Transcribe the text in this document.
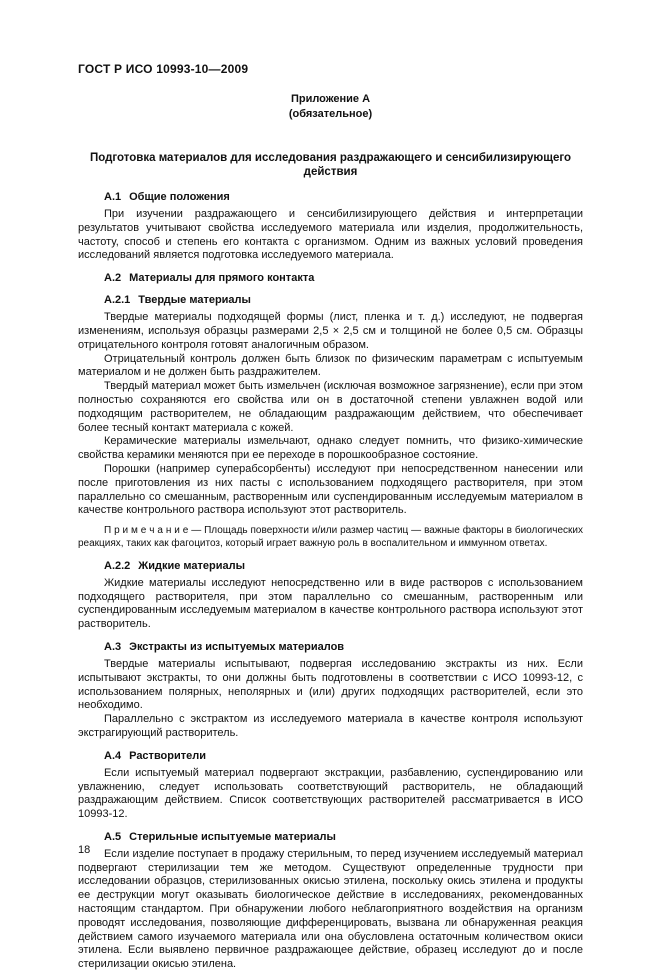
ГОСТ Р ИСО 10993-10—2009
Приложение А
(обязательное)
Подготовка материалов для исследования раздражающего и сенсибилизирующего действия
А.1 Общие положения

При изучении раздражающего и сенсибилизирующего действия и интерпретации результатов учитывают свойства исследуемого материала или изделия, продолжительность, частоту, способ и степень его контакта с организмом. Одним из важных условий проведения исследований является подготовка исследуемого материала.

А.2 Материалы для прямого контакта
А.2.1 Твердые материалы

Твердые материалы подходящей формы (лист, пленка и т. д.) исследуют, не подвергая изменениям, используя образцы размерами 2,5 × 2,5 см и толщиной не более 0,5 см. Образцы отрицательного контроля готовят аналогичным образом.

Отрицательный контроль должен быть близок по физическим параметрам с испытуемым материалом и не должен быть раздражителем.

Твердый материал может быть измельчен (исключая возможное загрязнение), если при этом полностью сохраняются его свойства или он в достаточной степени увлажнен водой или подходящим растворителем, не обладающим раздражающим действием, что обеспечивает более тесный контакт материала с кожей.

Керамические материалы измельчают, однако следует помнить, что физико-химические свойства керамики меняются при ее переходе в порошкообразное состояние.

Порошки (например суперабсорбенты) исследуют при непосредственном нанесении или после приготовления из них пасты с использованием подходящего растворителя, при этом параллельно со смешанным, растворенным или суспендированным исследуемым материалом в качестве контрольного раствора используют этот растворитель.

П р и м е ч а н и е — Площадь поверхности и/или размер частиц — важные факторы в биологических реакциях, таких как фагоцитоз, который играет важную роль в воспалительном и иммунном ответах.

А.2.2 Жидкие материалы

Жидкие материалы исследуют непосредственно или в виде растворов с использованием подходящего растворителя, при этом параллельно со смешанным, растворенным или суспендированным исследуемым материалом в качестве контрольного раствора используют этот растворитель.

А.3 Экстракты из испытуемых материалов

Твердые материалы испытывают, подвергая исследованию экстракты из них. Если испытывают экстракты, то они должны быть подготовлены в соответствии с ИСО 10993-12, с использованием полярных, неполярных и (или) других подходящих растворителей, если это необходимо.

Параллельно с экстрактом из исследуемого материала в качестве контроля используют экстрагирующий растворитель.

А.4 Растворители

Если испытуемый материал подвергают экстракции, разбавлению, суспендированию или увлажнению, следует использовать соответствующий растворитель, не обладающий раздражающим действием. Список соответствующих растворителей рассматривается в ИСО 10993-12.

А.5 Стерильные испытуемые материалы

Если изделие поступает в продажу стерильным, то перед изучением исследуемый материал подвергают стерилизации тем же методом. Существуют определенные трудности при исследовании образцов, стерилизованных окисью этилена, поскольку окись этилена и продукты ее деструкции могут оказывать биологическое действие в исследованиях, рекомендованных настоящим стандартом. При обнаружении любого неблагоприятного воздействия на организм проводят исследования, позволяющие дифференцировать, вызвана ли обнаруженная реакция действием самого изучаемого материала или она обусловлена остаточным количеством окиси этилена. Если выявлено первичное раздражающее действие, образец исследуют до и после стерилизации окисью этилена.

18
